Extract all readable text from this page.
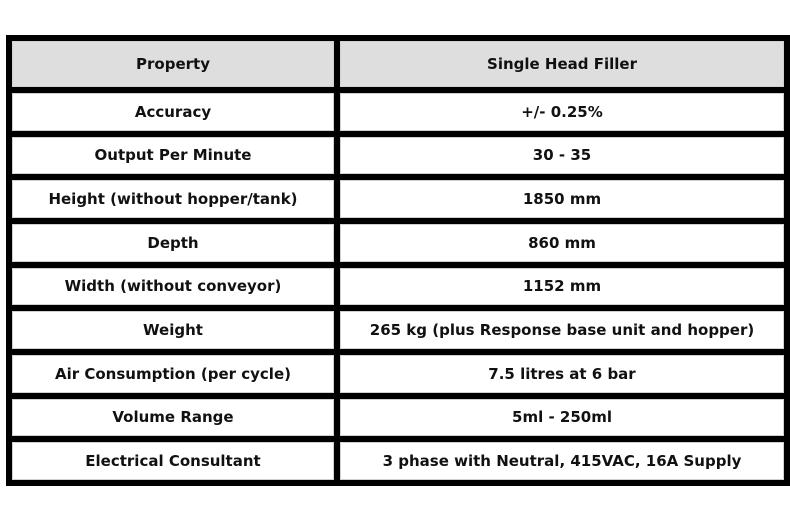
Property	Single Head Filler
Accuracy	+/- 0.25%
Output Per Minute	30 - 35
Height (without hopper/tank)	1850 mm
Depth	860 mm
Width (without conveyor)	1152 mm
Weight	265 kg (plus Response base unit and hopper)
Air Consumption (per cycle)	7.5 litres at 6 bar
Volume Range	5ml - 250ml
Electrical Consultant	3 phase with Neutral, 415VAC, 16A Supply
